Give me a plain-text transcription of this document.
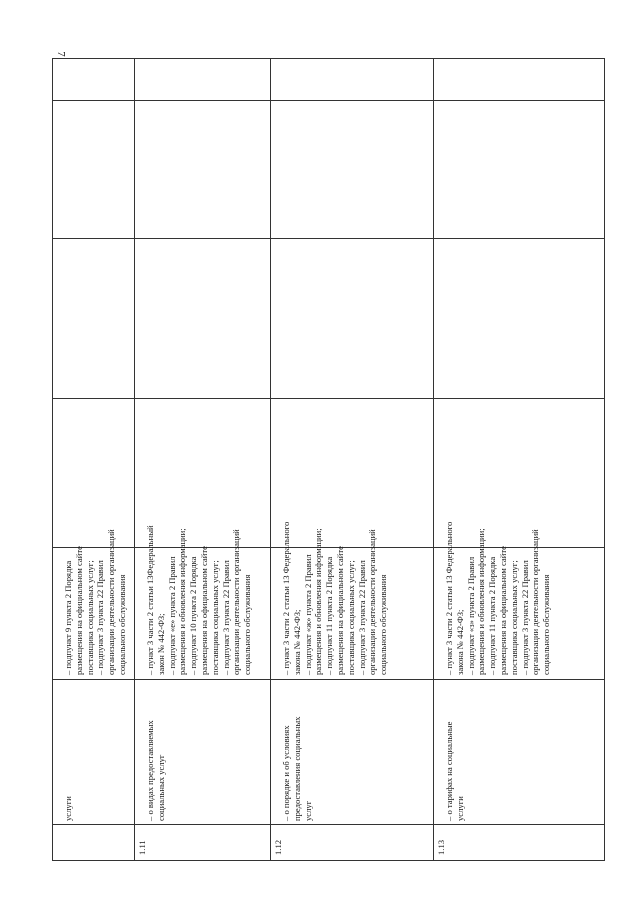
7
услуги
– подпункт 9 пункта 2 Порядка
размещения на официальном сайте
поставщика социальных услуг;
– подпункт 3 пункта 22 Правил
организации деятельности организаций
социального обслуживания
1.11
– о видах предоставляемых
социальных услуг
– пункт 3 части 2 статьи 13Федеральный
закон № 442-ФЗ;
– подпункт «е» пункта 2 Правил
размещения и обновления информации;
– подпункт 10 пункта 2 Порядка
размещения на официальном сайте
поставщика социальных услуг;
– подпункт 3 пункта 22 Правил
организации деятельности организаций
социального обслуживания
1.12
– о порядке и об условиях
предоставления социальных
услуг
– пункт 3 части 2 статьи 13 Федерального
закона № 442-ФЗ;
– подпункт «ж» пункта 2 Правил
размещения и обновления информации;
– подпункт 11 пункта 2 Порядка
размещения на официальном сайте
поставщика социальных услуг;
– подпункт 3 пункта 22 Правил
организации деятельности организаций
социального обслуживания
1.13
– о тарифах на социальные
услуги
– пункт 3 части 2 статьи 13 Федерального
закона № 442-ФЗ;
– подпункт «з» пункта 2 Правил
размещения и обновления информации;
– подпункт 11 пункта 2 Порядка
размещения на официальном сайте
поставщика социальных услуг;
– подпункт 3 пункта 22 Правил
организации деятельности организаций
социального обслуживания
